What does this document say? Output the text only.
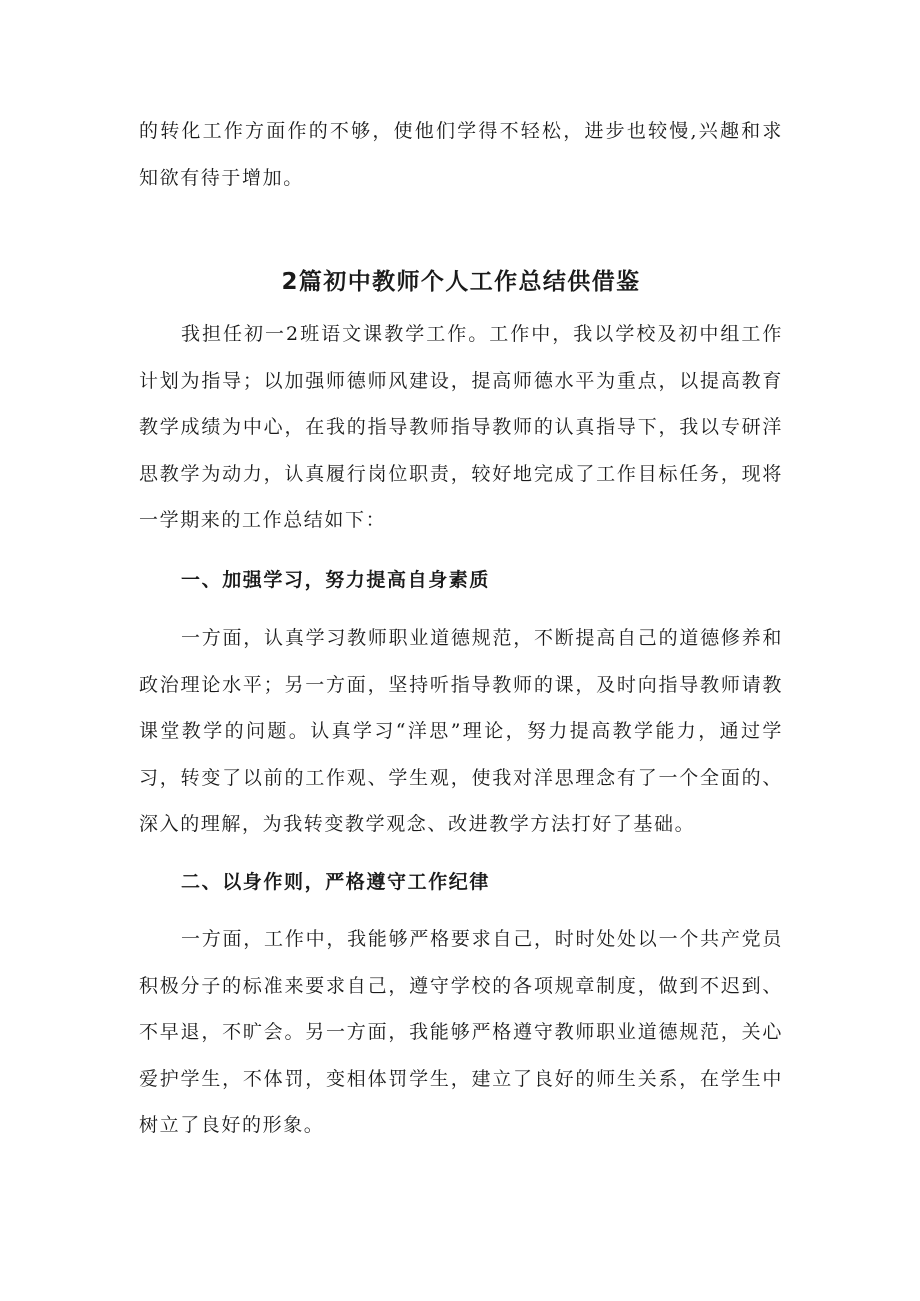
的转化工作方面作的不够，使他们学得不轻松，进步也较慢,兴趣和求知欲有待于增加。

2篇初中教师个人工作总结供借鉴

我担任初一2班语文课教学工作。工作中，我以学校及初中组工作计划为指导；以加强师德师风建设，提高师德水平为重点，以提高教育教学成绩为中心，在我的指导教师指导教师的认真指导下，我以专研洋思教学为动力，认真履行岗位职责，较好地完成了工作目标任务，现将一学期来的工作总结如下：

一、加强学习，努力提高自身素质

一方面，认真学习教师职业道德规范，不断提高自己的道德修养和政治理论水平；另一方面，坚持听指导教师的课，及时向指导教师请教课堂教学的问题。认真学习“洋思”理论，努力提高教学能力，通过学习，转变了以前的工作观、学生观，使我对洋思理念有了一个全面的、深入的理解，为我转变教学观念、改进教学方法打好了基础。

二、以身作则，严格遵守工作纪律

一方面，工作中，我能够严格要求自己，时时处处以一个共产党员积极分子的标准来要求自己，遵守学校的各项规章制度，做到不迟到、不早退，不旷会。另一方面，我能够严格遵守教师职业道德规范，关心爱护学生，不体罚，变相体罚学生，建立了良好的师生关系，在学生中树立了良好的形象。
